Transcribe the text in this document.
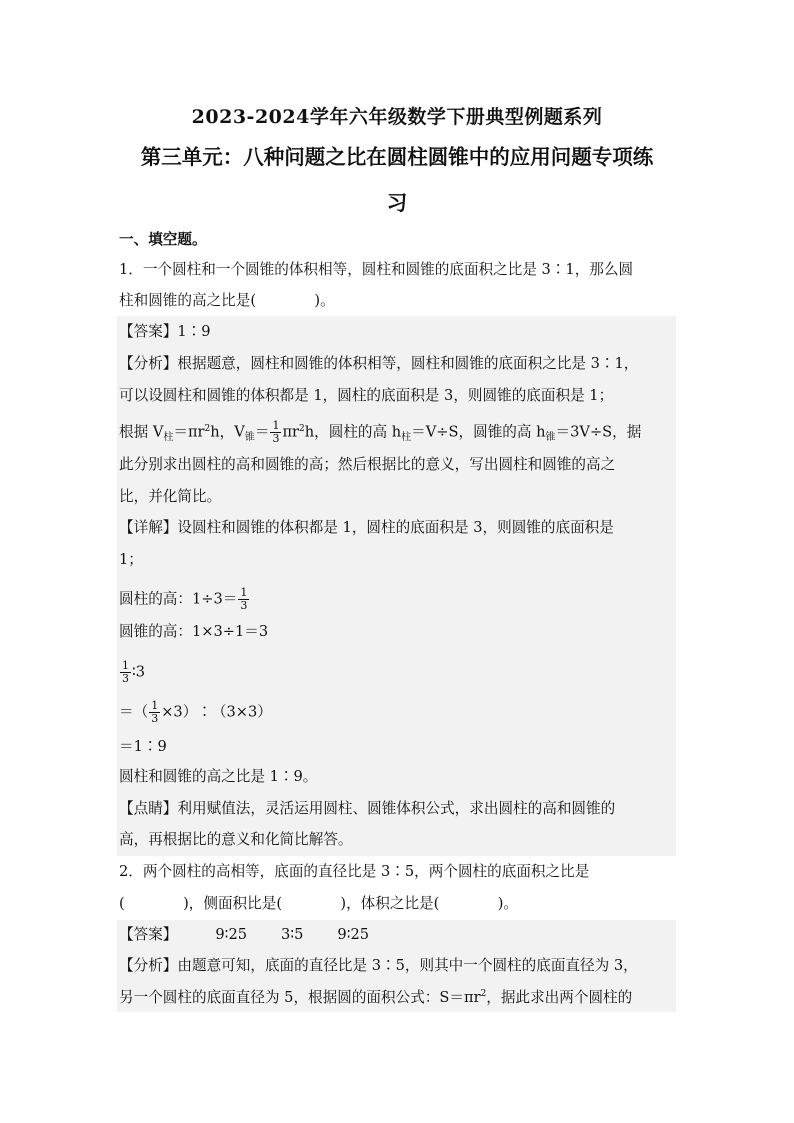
2023-2024学年六年级数学下册典型例题系列
第三单元：八种问题之比在圆柱圆锥中的应用问题专项练
习
一、填空题。
1．一个圆柱和一个圆锥的体积相等，圆柱和圆锥的底面积之比是 3∶1，那么圆
柱和圆锥的高之比是(　　　　)。
【答案】1∶9
【分析】根据题意，圆柱和圆锥的体积相等，圆柱和圆锥的底面积之比是 3∶1，
可以设圆柱和圆锥的体积都是 1，圆柱的底面积是 3，则圆锥的底面积是 1；
根据 $V_柱=\pi r^2h$，$V_锥= \frac{1}{3} \pi r^2h$，圆柱的高 $h_柱=V\div S$，圆锥的高 $h_锥=3V\div S$，据
此分别求出圆柱的高和圆锥的高；然后根据比的意义，写出圆柱和圆锥的高之
比，并化简比。
【详解】设圆柱和圆锥的体积都是 1，圆柱的底面积是 3，则圆锥的底面积是
1；
圆柱的高：$1\div 3= \frac{1}{3}$
圆锥的高：1×3÷1＝3
$\frac{1}{3}$ ∶3
＝（ $\frac{1}{3}$ ×3）∶（3×3）
＝1∶9
圆柱和圆锥的高之比是 1∶9。
【点睛】利用赋值法，灵活运用圆柱、圆锥体积公式，求出圆柱的高和圆锥的
高，再根据比的意义和化简比解答。
2．两个圆柱的高相等，底面的直径比是 3∶5，两个圆柱的底面积之比是
(　　　　)，侧面积比是(　　　　)，体积之比是(　　　　)。
【答案】	9∶25 3∶5 9∶25
【分析】由题意可知，底面的直径比是 3∶5，则其中一个圆柱的底面直径为 3，
另一个圆柱的底面直径为 5，根据圆的面积公式：$S=\pi r^2$，据此求出两个圆柱的
